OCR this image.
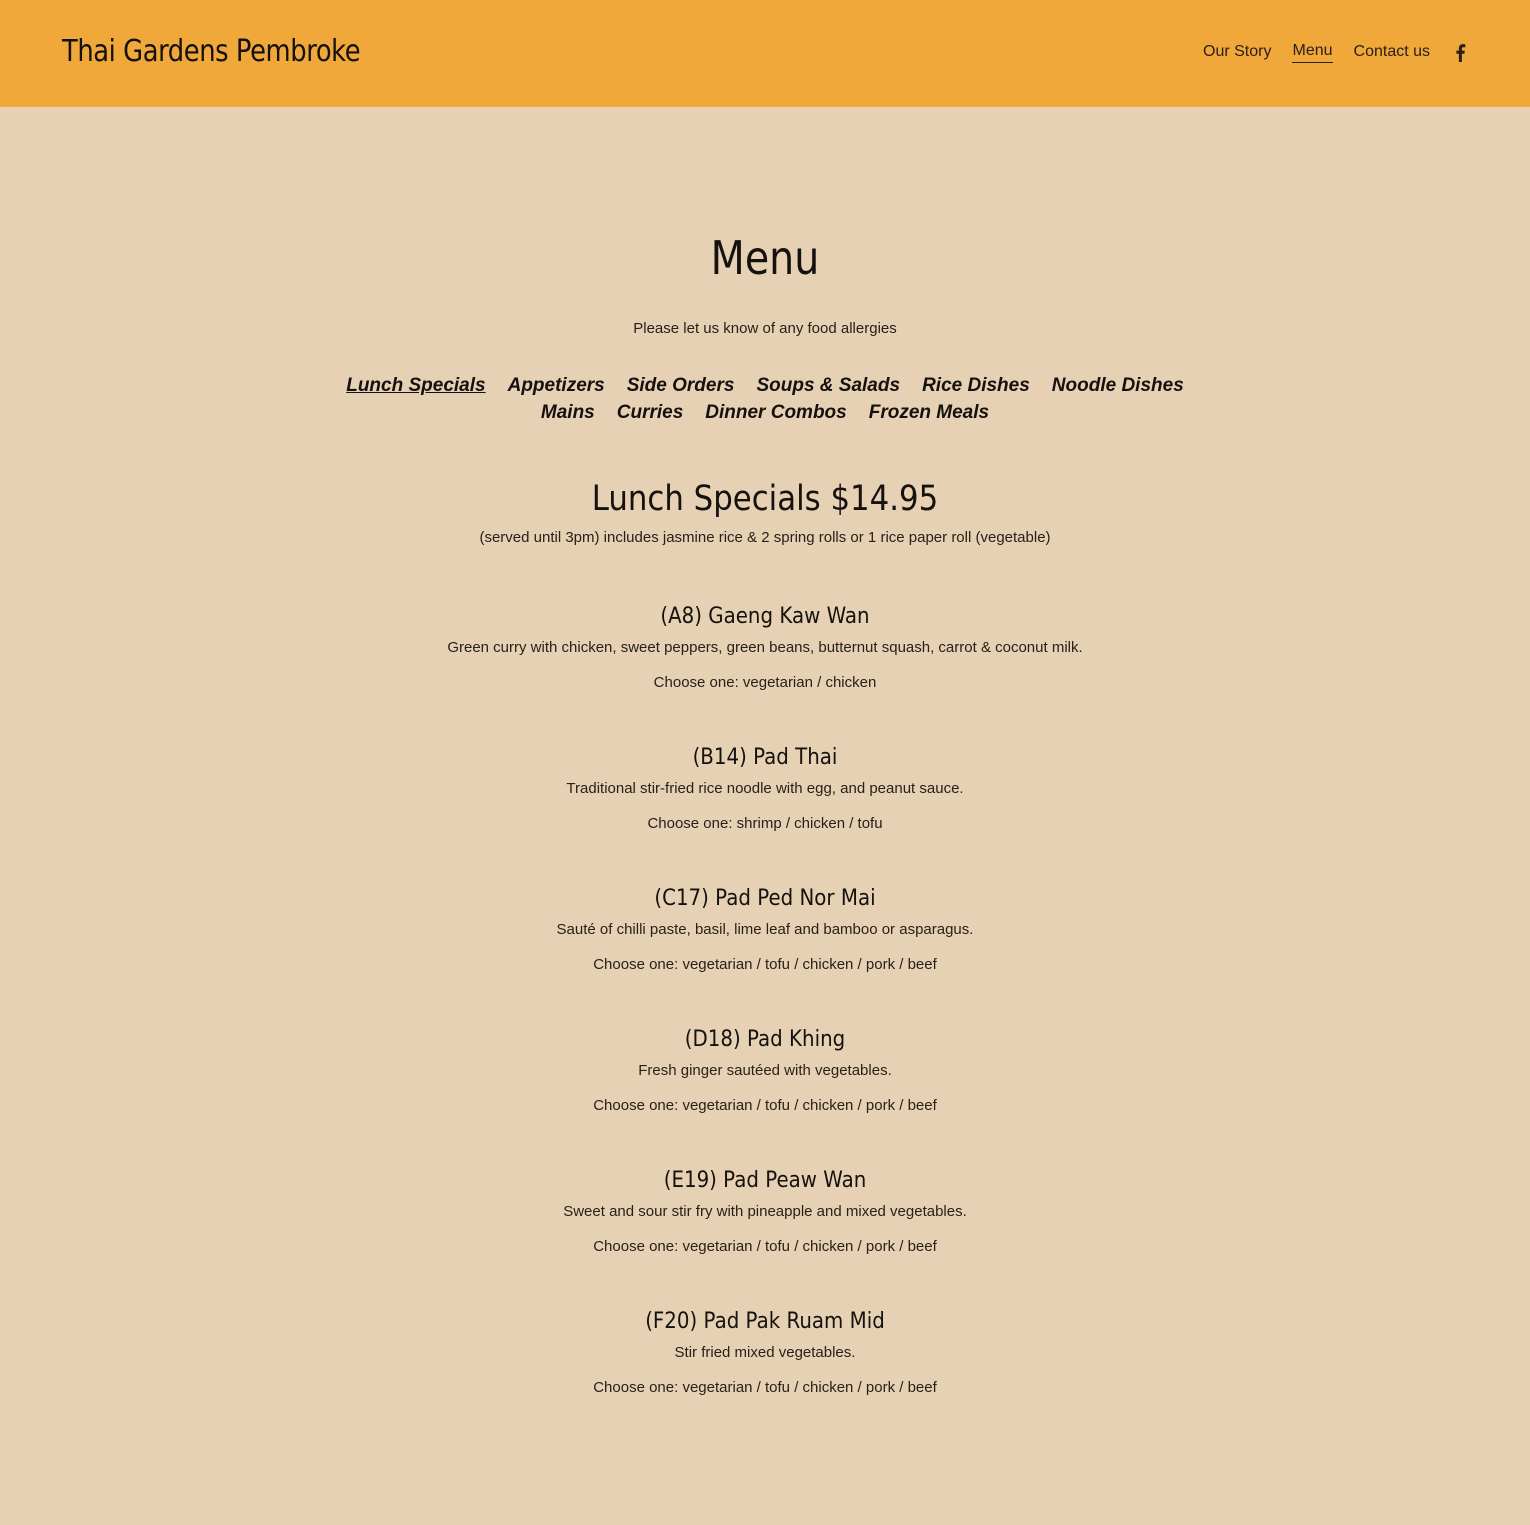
Thai Gardens Pembroke	Our Story Menu Contact us
Menu
Please let us know of any food allergies
Lunch Specials Appetizers Side Orders Soups & Salads Rice Dishes Noodle Dishes
Mains Curries Dinner Combos Frozen Meals
Lunch Specials $14.95
(served until 3pm) includes jasmine rice & 2 spring rolls or 1 rice paper roll (vegetable)
(A8) Gaeng Kaw Wan
Green curry with chicken, sweet peppers, green beans, butternut squash, carrot & coconut milk.
Choose one: vegetarian / chicken
(B14) Pad Thai
Traditional stir-fried rice noodle with egg, and peanut sauce.
Choose one: shrimp / chicken / tofu
(C17) Pad Ped Nor Mai
Sauté of chilli paste, basil, lime leaf and bamboo or asparagus.
Choose one: vegetarian / tofu / chicken / pork / beef
(D18) Pad Khing
Fresh ginger sautéed with vegetables.
Choose one: vegetarian / tofu / chicken / pork / beef
(E19) Pad Peaw Wan
Sweet and sour stir fry with pineapple and mixed vegetables.
Choose one: vegetarian / tofu / chicken / pork / beef
(F20) Pad Pak Ruam Mid
Stir fried mixed vegetables.
Choose one: vegetarian / tofu / chicken / pork / beef
